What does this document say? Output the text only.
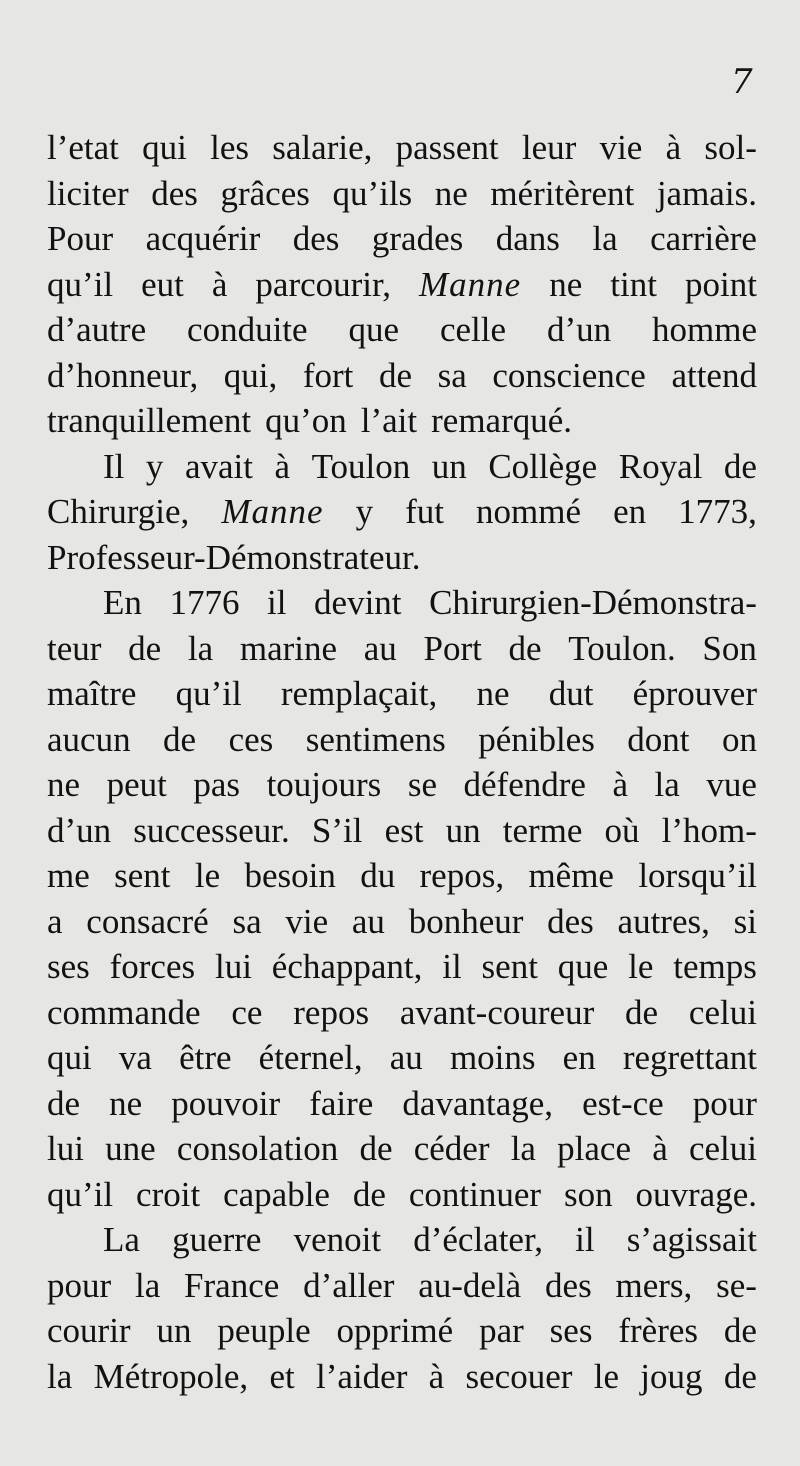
7
l’etat qui les salarie, passent leur vie à sol-
liciter des grâces qu’ils ne méritèrent jamais.
Pour acquérir des grades dans la carrière
qu’il eut à parcourir, Manne ne tint point
d’autre conduite que celle d’un homme
d’honneur, qui, fort de sa conscience attend
tranquillement qu’on l’ait remarqué.
Il y avait à Toulon un Collège Royal de
Chirurgie, Manne y fut nommé en 1773,
Professeur-Démonstrateur.
En 1776 il devint Chirurgien-Démonstra-
teur de la marine au Port de Toulon. Son
maître qu’il remplaçait, ne dut éprouver
aucun de ces sentimens pénibles dont on
ne peut pas toujours se défendre à la vue
d’un successeur. S’il est un terme où l’hom-
me sent le besoin du repos, même lorsqu’il
a consacré sa vie au bonheur des autres, si
ses forces lui échappant, il sent que le temps
commande ce repos avant-coureur de celui
qui va être éternel, au moins en regrettant
de ne pouvoir faire davantage, est-ce pour
lui une consolation de céder la place à celui
qu’il croit capable de continuer son ouvrage.
La guerre venoit d’éclater, il s’agissait
pour la France d’aller au-delà des mers, se-
courir un peuple opprimé par ses frères de
la Métropole, et l’aider à secouer le joug de
